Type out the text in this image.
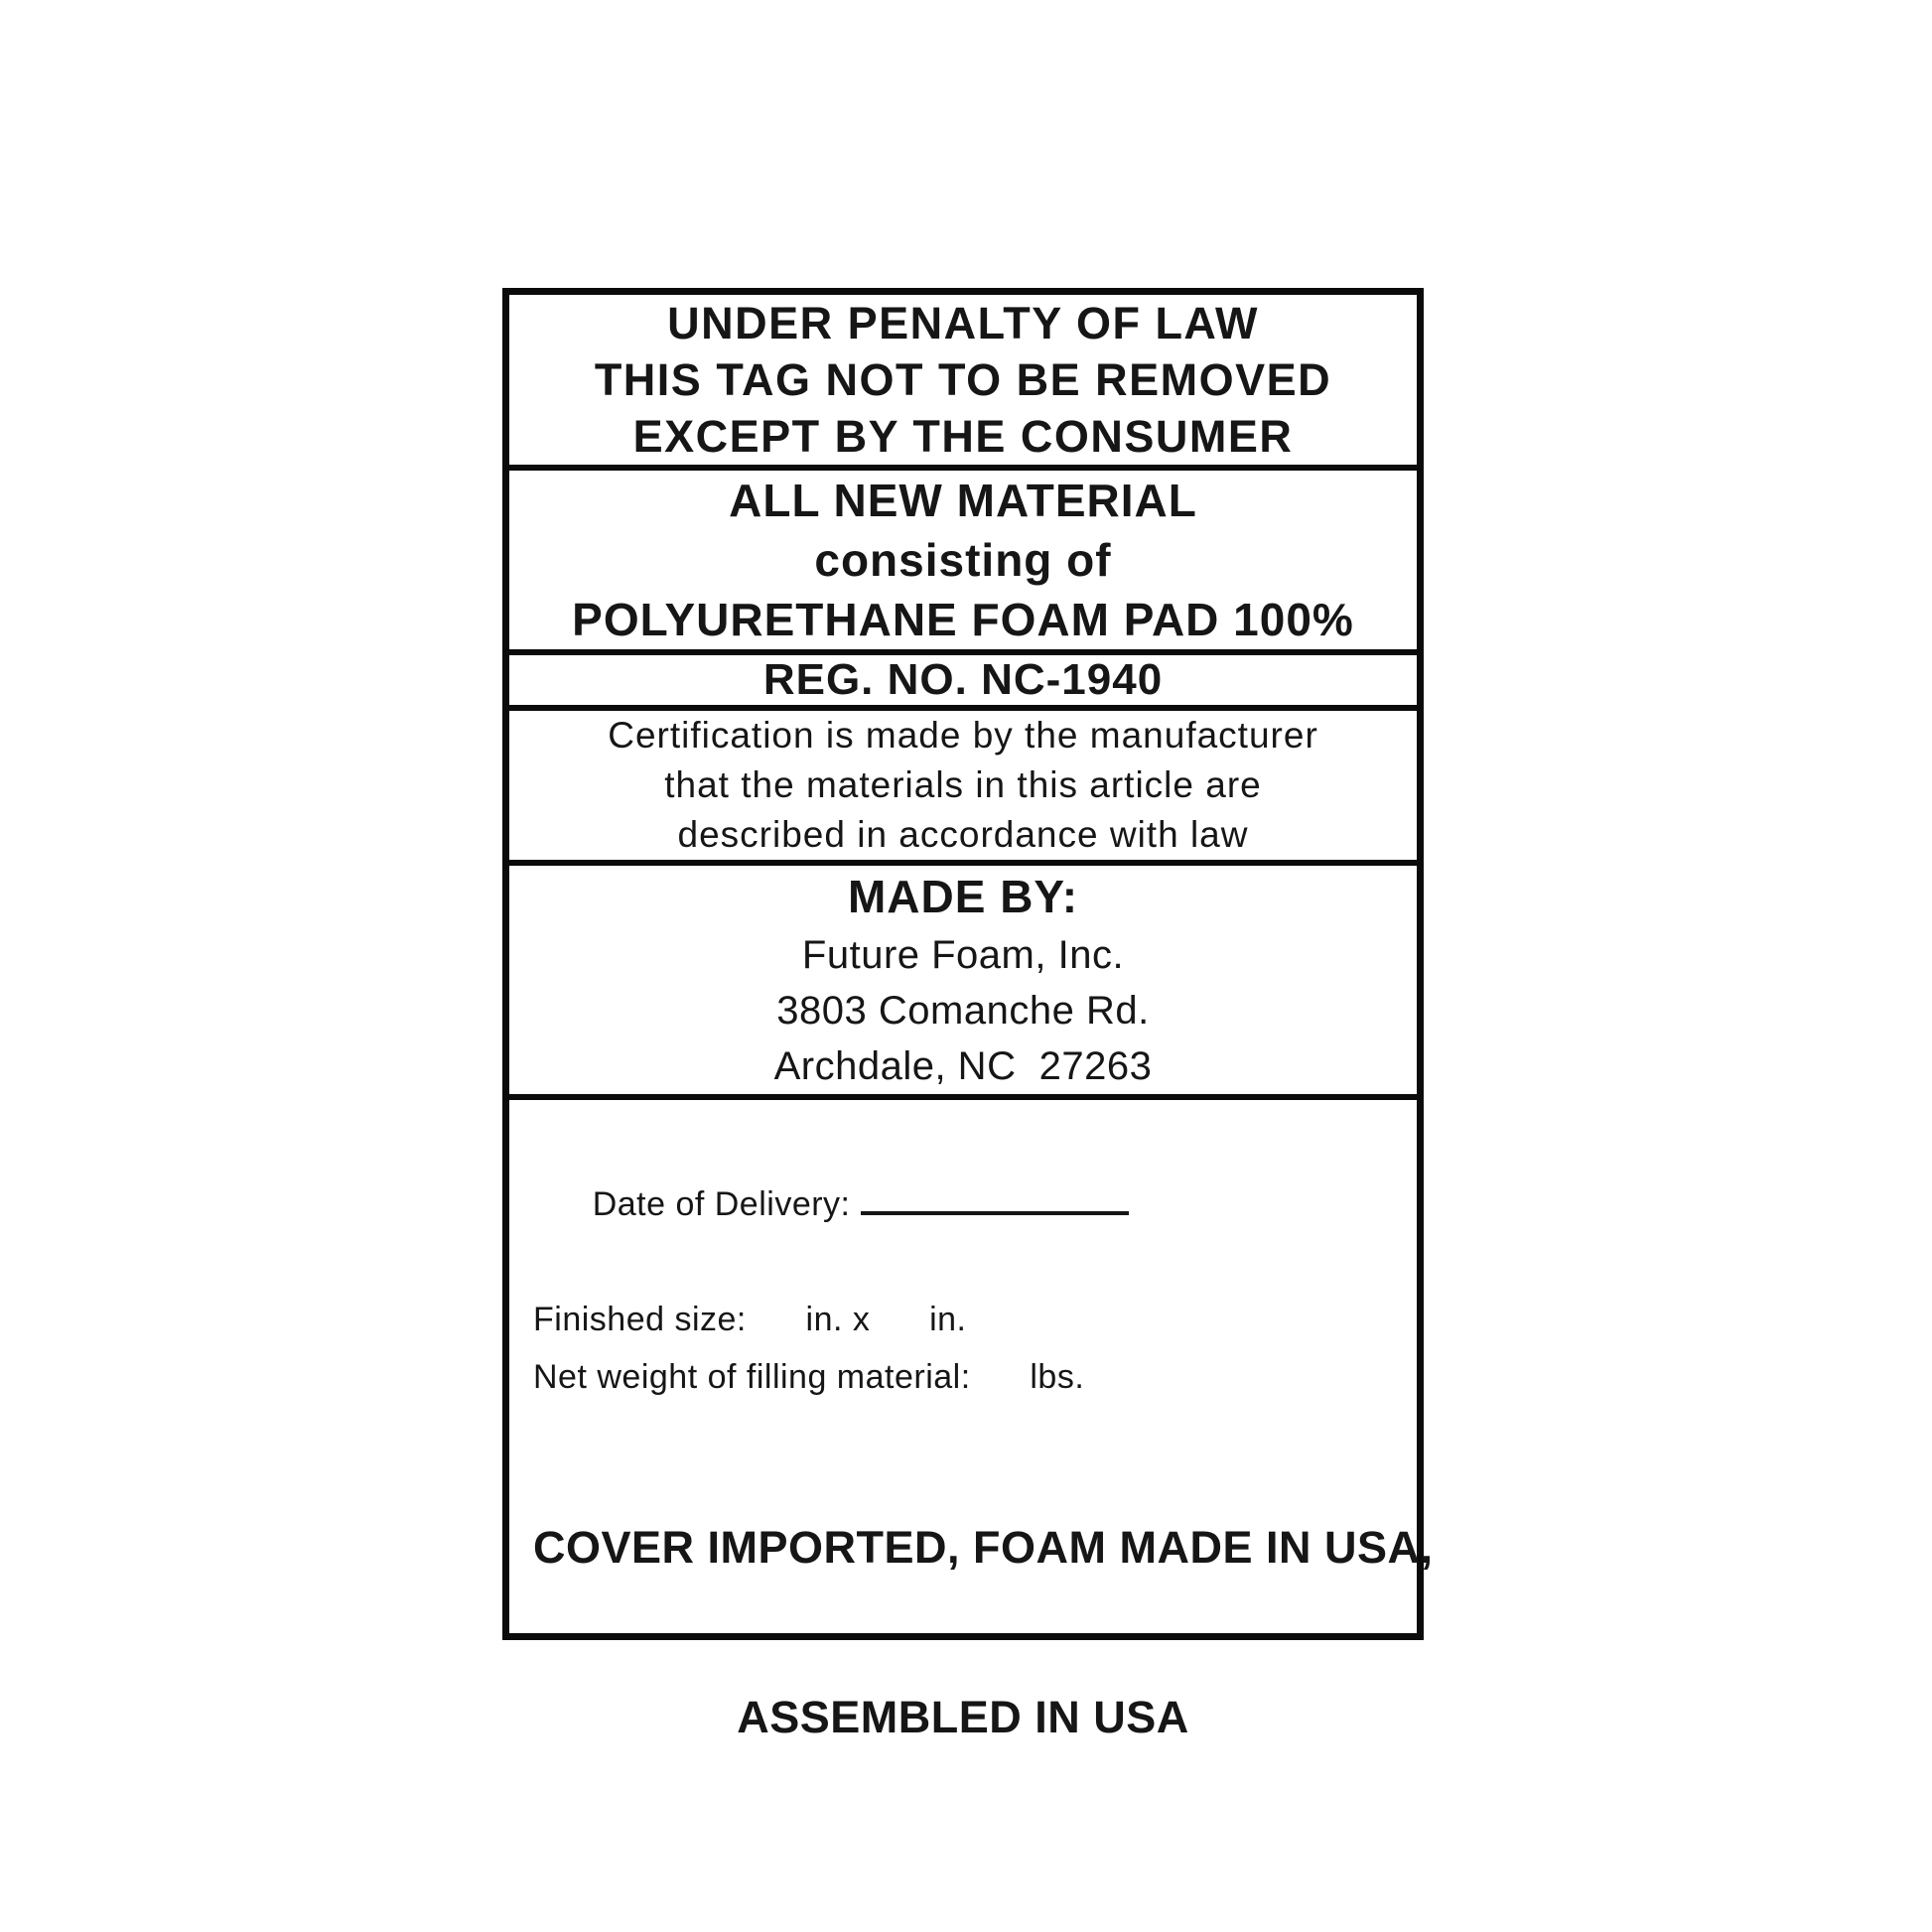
UNDER PENALTY OF LAW
THIS TAG NOT TO BE REMOVED
EXCEPT BY THE CONSUMER
ALL NEW MATERIAL
consisting of
POLYURETHANE FOAM PAD 100%
REG. NO. NC-1940
Certification is made by the manufacturer
that the materials in this article are
described in accordance with law
MADE BY:
Future Foam, Inc.
3803 Comanche Rd.
Archdale, NC  27263

Date of Delivery:

Finished size:      in. x      in.
Net weight of filling material:      lbs.

COVER IMPORTED, FOAM MADE IN USA,

ASSEMBLED IN USA
